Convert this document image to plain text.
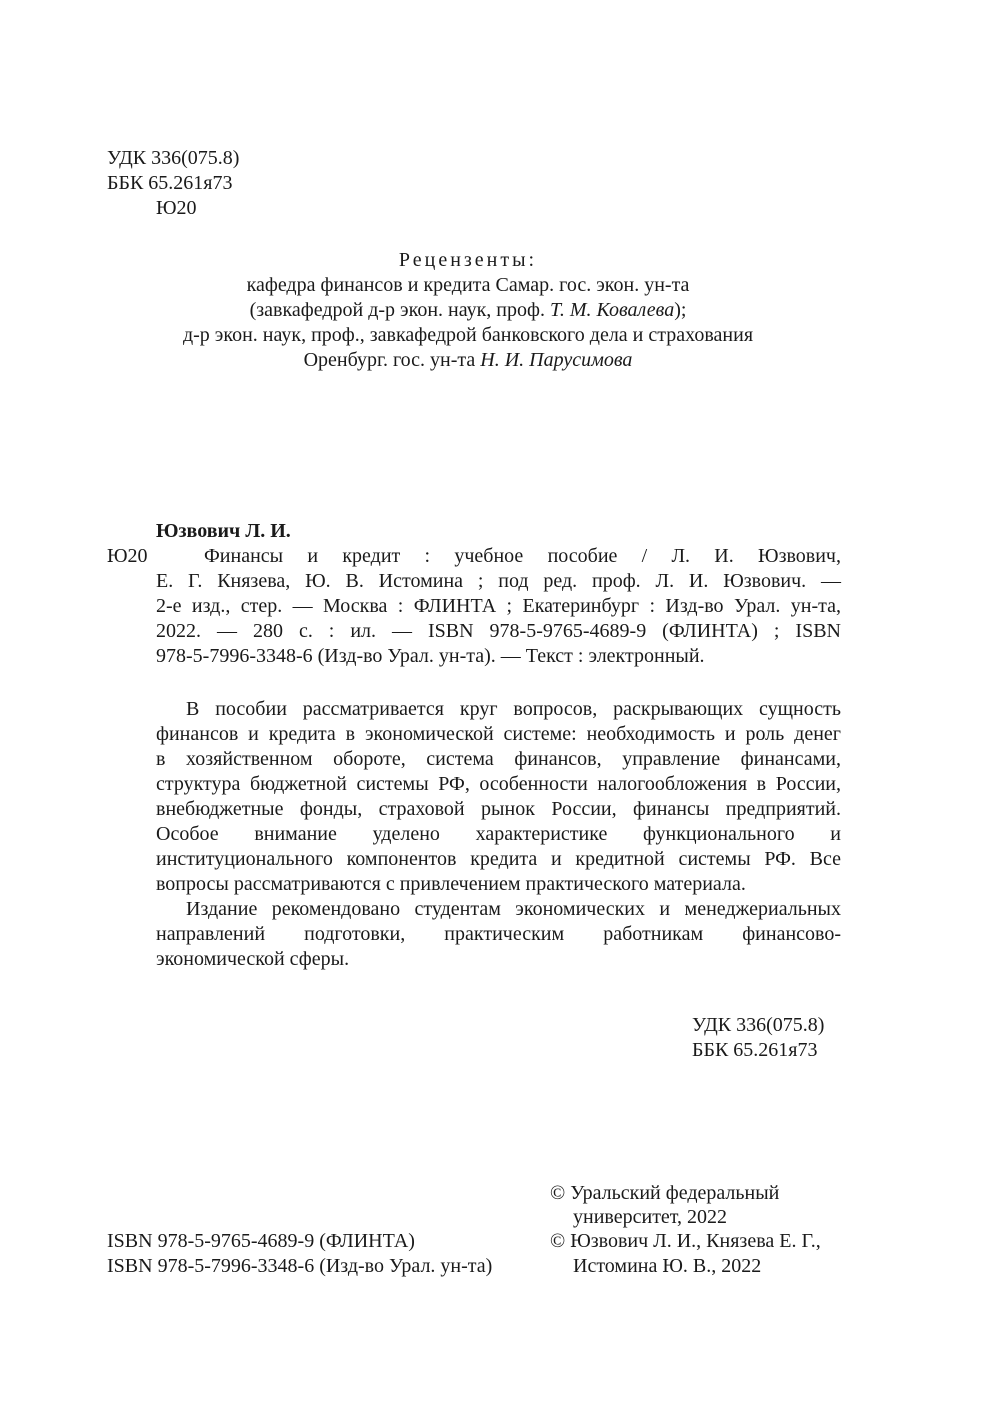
УДК 336(075.8)
ББК 65.261я73
Ю20
Рецензенты:
кафедра финансов и кредита Самар. гос. экон. ун-та
(завкафедрой д-р экон. наук, проф. Т. М. Ковалева);
д-р экон. наук, проф., завкафедрой банковского дела и страхования
Оренбург. гос. ун-та Н. И. Парусимова
Юзвович Л. И.
Ю20	Финансы и кредит : учебное пособие / Л. И. Юзвович,
Е. Г. Князева, Ю. В. Истомина ; под ред. проф. Л. И. Юзвович. —
2-е изд., стер. — Москва : ФЛИНТА ; Екатеринбург : Изд-во Урал. ун-та,
2022. — 280 с. : ил. — ISBN 978-5-9765-4689-9 (ФЛИНТА) ; ISBN
978-5-7996-3348-6 (Изд-во Урал. ун-та). — Текст : электронный.
В пособии рассматривается круг вопросов, раскрывающих сущность
финансов и кредита в экономической системе: необходимость и роль денег
в хозяйственном обороте, система финансов, управление финансами,
структура бюджетной системы РФ, особенности налогообложения в России,
внебюджетные фонды, страховой рынок России, финансы предприятий.
Особое внимание уделено характеристике функционального и
институционального компонентов кредита и кредитной системы РФ. Все
вопросы рассматриваются с привлечением практического материала.
Издание рекомендовано студентам экономических и менеджериальных
направлений подготовки, практическим работникам финансово-
экономической сферы.
УДК 336(075.8)
ББК 65.261я73
ISBN 978-5-9765-4689-9 (ФЛИНТА)
ISBN 978-5-7996-3348-6 (Изд-во Урал. ун-та)
© Уральский федеральный
университет, 2022
© Юзвович Л. И., Князева Е. Г.,
Истомина Ю. В., 2022
